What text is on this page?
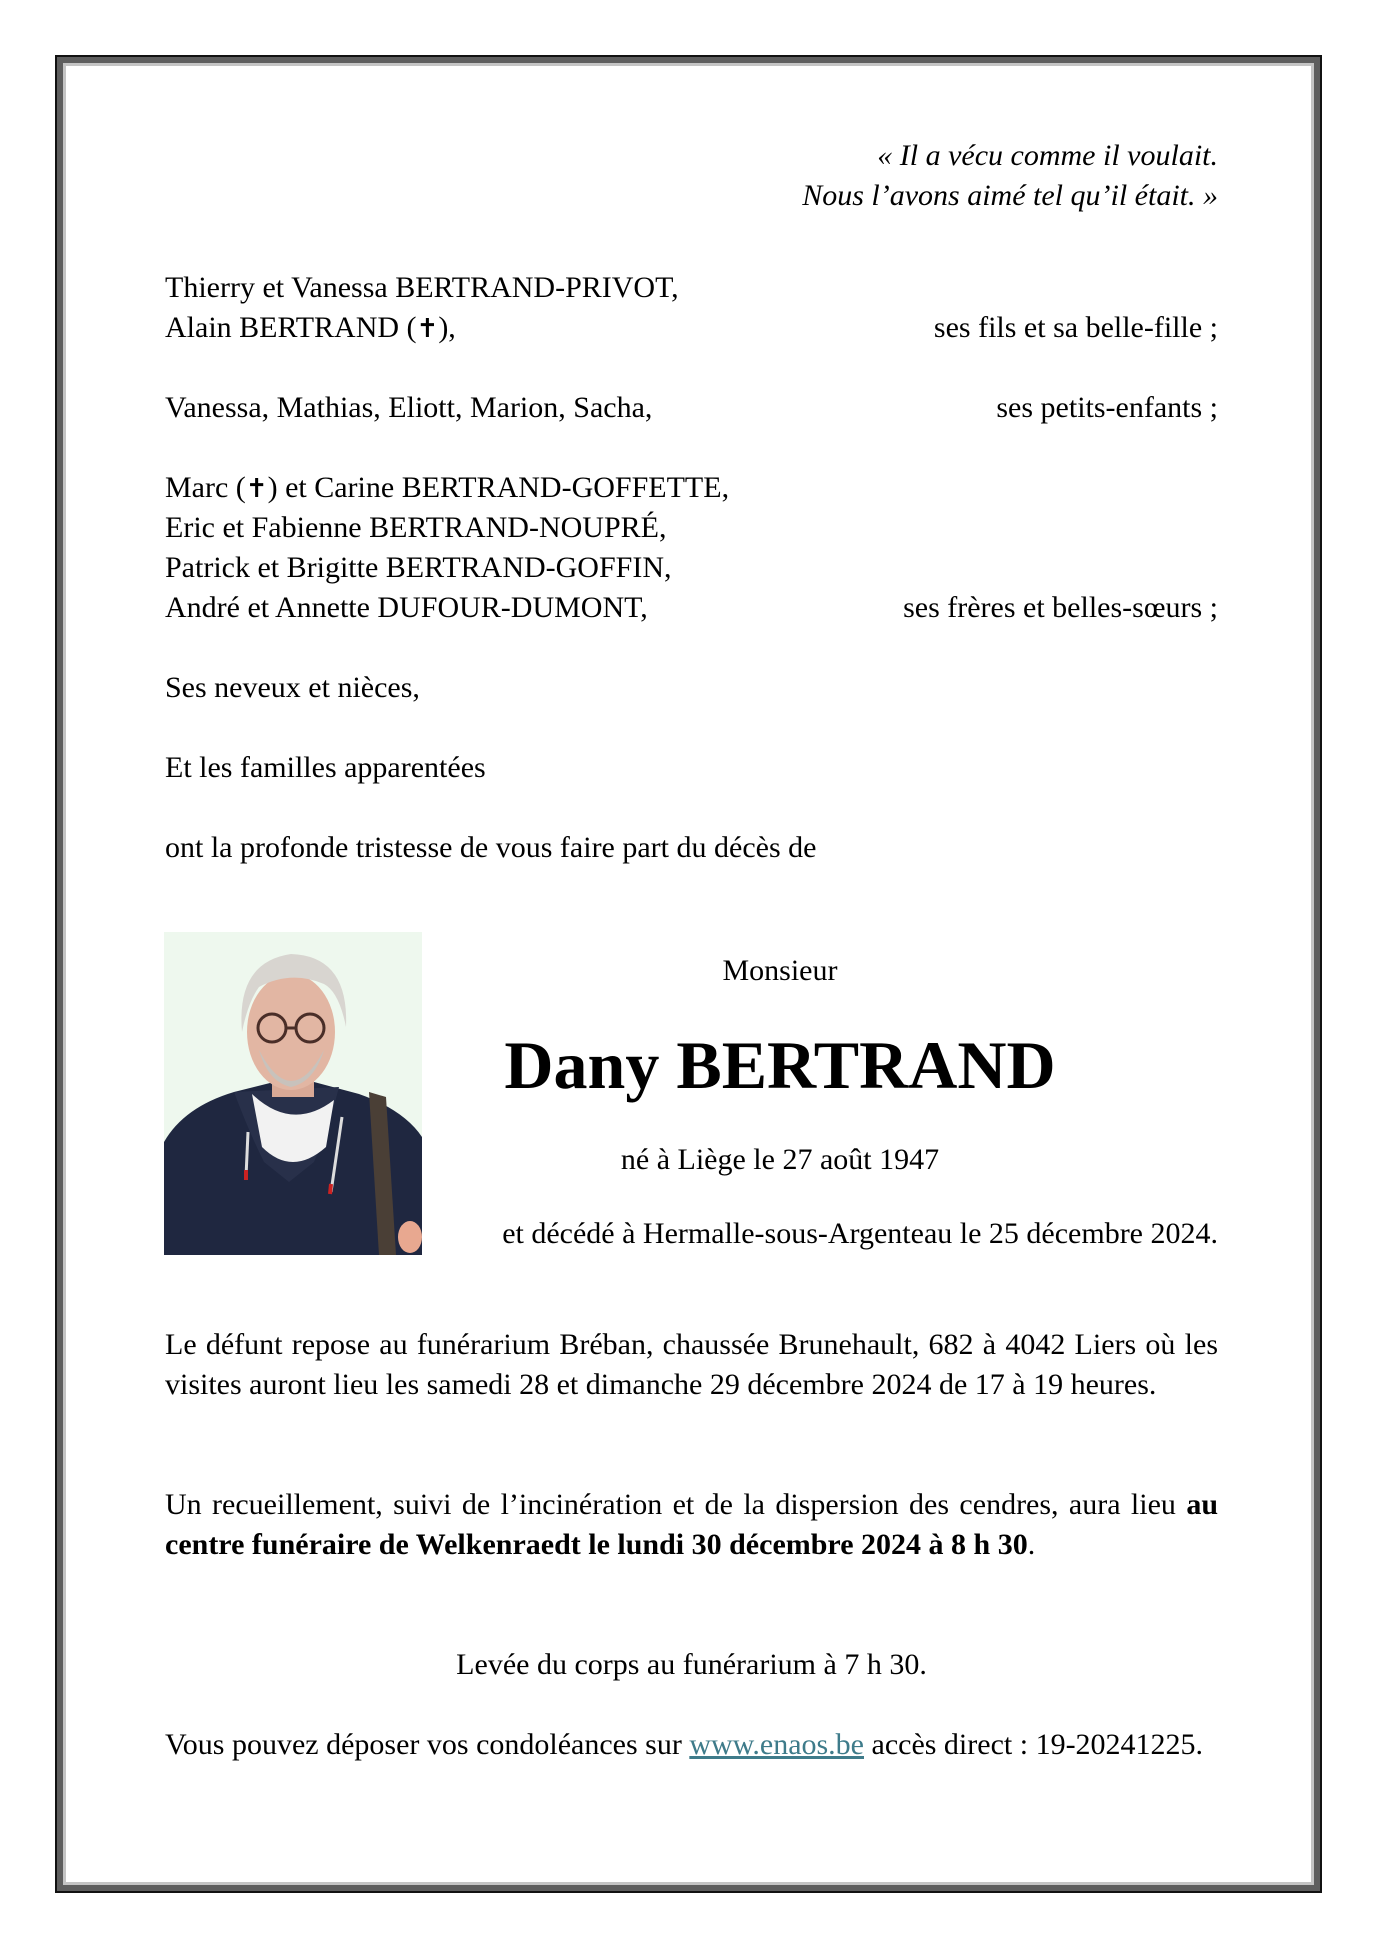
« Il a vécu comme il voulait.
Nous l’avons aimé tel qu’il était. »
Thierry et Vanessa BERTRAND-PRIVOT,
Alain BERTRAND (✝),	ses fils et sa belle-fille ;
Vanessa, Mathias, Eliott, Marion, Sacha,	ses petits-enfants ;
Marc (✝) et Carine BERTRAND-GOFFETTE,
Eric et Fabienne BERTRAND-NOUPRÉ,
Patrick et Brigitte BERTRAND-GOFFIN,
André et Annette DUFOUR-DUMONT,	ses frères et belles-sœurs ;
Ses neveux et nièces,
Et les familles apparentées
ont la profonde tristesse de vous faire part du décès de
Monsieur
Dany BERTRAND
né à Liège le 27 août 1947
et décédé à Hermalle-sous-Argenteau le 25 décembre 2024.
Le défunt repose au funérarium Bréban, chaussée Brunehault, 682 à 4042 Liers où les visites auront lieu les samedi 28 et dimanche 29 décembre 2024 de 17 à 19 heures.
Un recueillement, suivi de l’incinération et de la dispersion des cendres, aura lieu au centre funéraire de Welkenraedt le lundi 30 décembre 2024 à 8 h 30.
Levée du corps au funérarium à 7 h 30.
Vous pouvez déposer vos condoléances sur www.enaos.be accès direct : 19-20241225.
